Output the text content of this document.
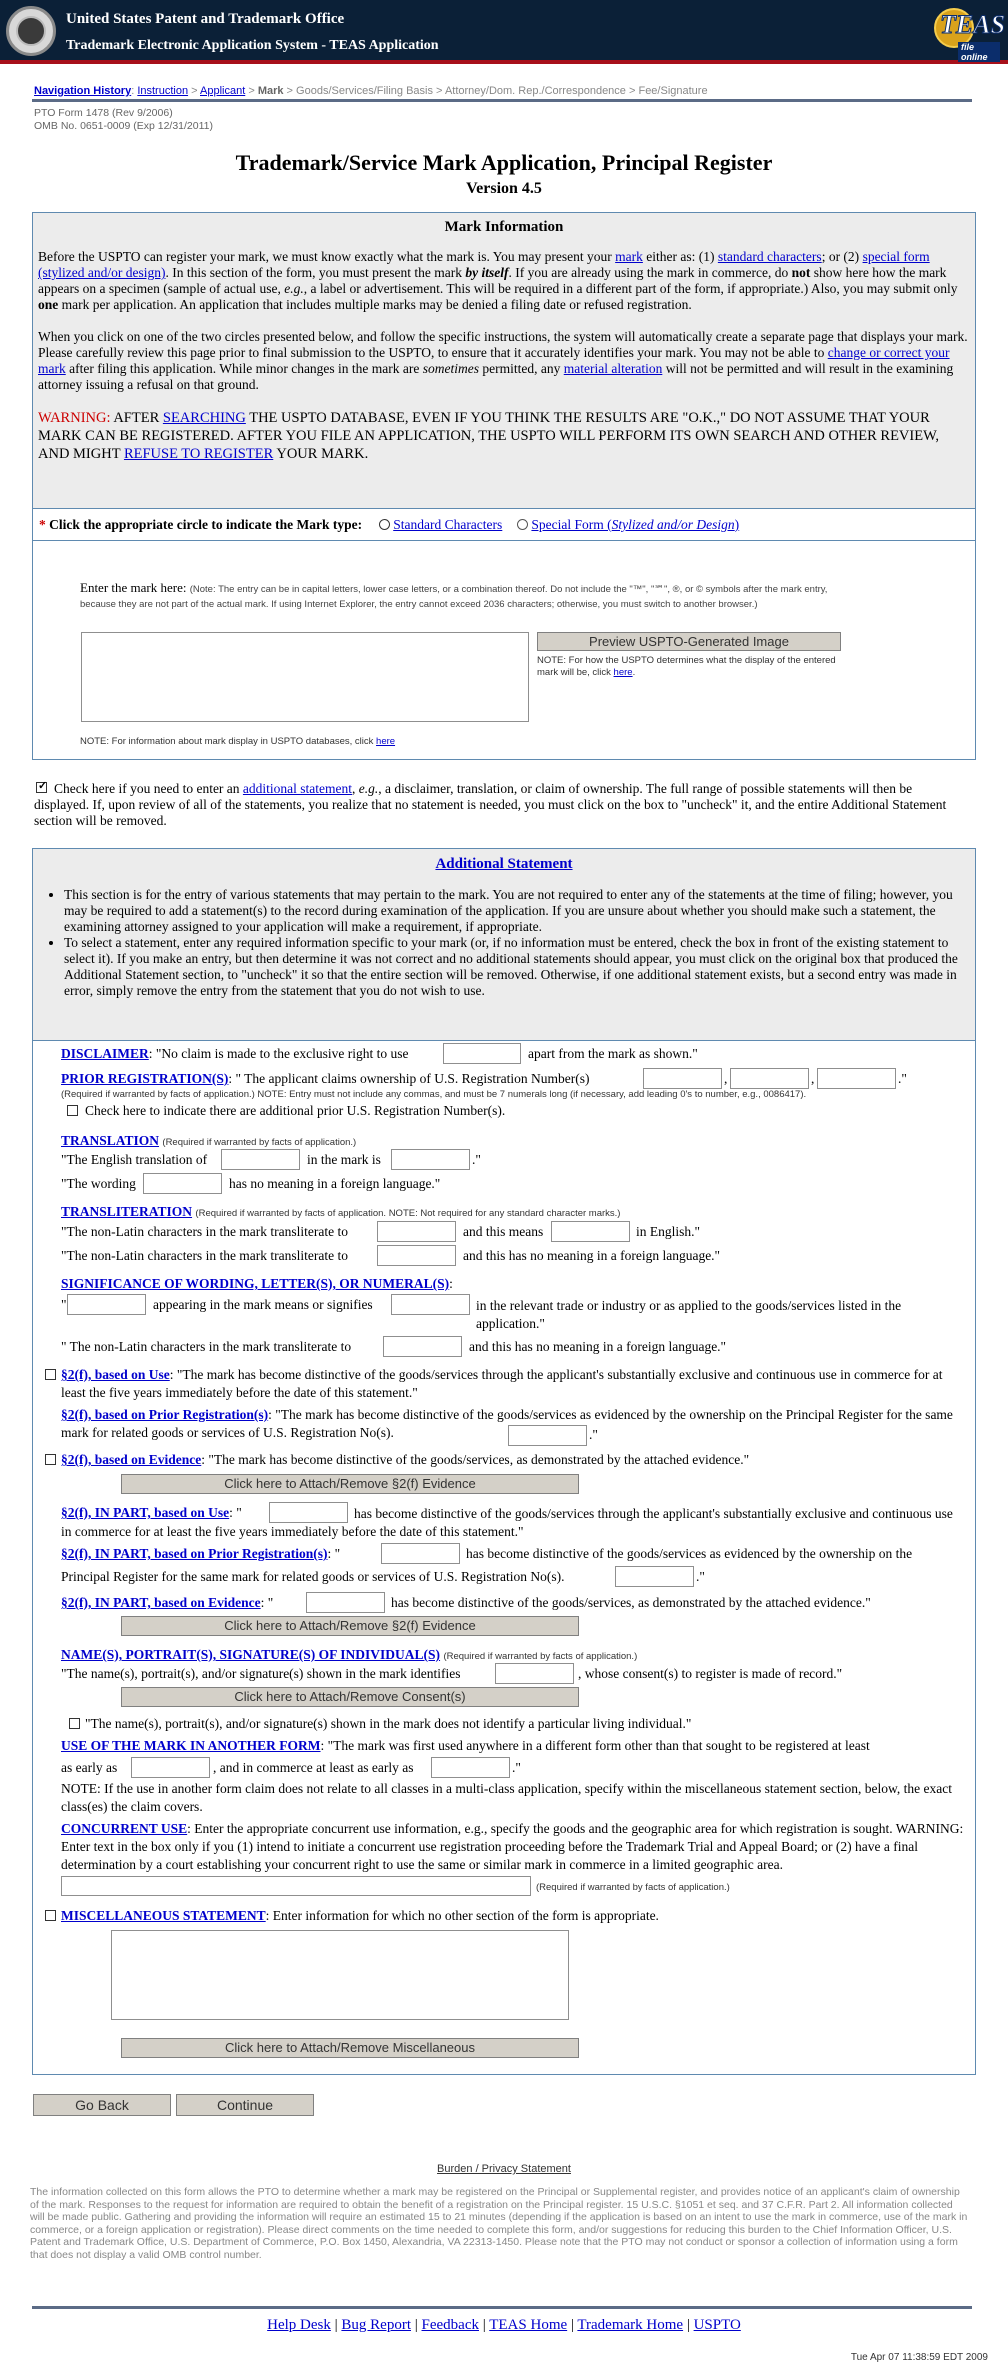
United States Patent and Trademark Office
Trademark Electronic Application System - TEAS Application
TEAS
file online
Navigation History: Instruction > Applicant > Mark > Goods/Services/Filing Basis > Attorney/Dom. Rep./Correspondence > Fee/Signature
PTO Form 1478 (Rev 9/2006)
OMB No. 0651-0009 (Exp 12/31/2011)
Trademark/Service Mark Application, Principal Register
Version 4.5
Mark Information

Before the USPTO can register your mark, we must know exactly what the mark is. You may present your mark either as: (1) standard characters; or (2) special form (stylized and/or design). In this section of the form, you must present the mark by itself. If you are already using the mark in commerce, do not show here how the mark appears on a specimen (sample of actual use, e.g., a label or advertisement. This will be required in a different part of the form, if appropriate.) Also, you may submit only one mark per application. An application that includes multiple marks may be denied a filing date or refused registration.

When you click on one of the two circles presented below, and follow the specific instructions, the system will automatically create a separate page that displays your mark. Please carefully review this page prior to final submission to the USPTO, to ensure that it accurately identifies your mark. You may not be able to change or correct your mark after filing this application. While minor changes in the mark are sometimes permitted, any material alteration will not be permitted and will result in the examining attorney issuing a refusal on that ground.

WARNING: AFTER SEARCHING THE USPTO DATABASE, EVEN IF YOU THINK THE RESULTS ARE "O.K.," DO NOT ASSUME THAT YOUR MARK CAN BE REGISTERED. AFTER YOU FILE AN APPLICATION, THE USPTO WILL PERFORM ITS OWN SEARCH AND OTHER REVIEW, AND MIGHT REFUSE TO REGISTER YOUR MARK.

* Click the appropriate circle to indicate the Mark type: Standard Characters Special Form (Stylized and/or Design)
Enter the mark here: (Note: The entry can be in capital letters, lower case letters, or a combination thereof. Do not include the "™", "℠", ®, or © symbols after the mark entry, because they are not part of the actual mark. If using Internet Explorer, the entry cannot exceed 2036 characters; otherwise, you must switch to another browser.)
Preview USPTO-Generated Image
NOTE: For how the USPTO determines what the display of the entered mark will be, click here.
NOTE: For information about mark display in USPTO databases, click here
✓ Check here if you need to enter an additional statement, e.g., a disclaimer, translation, or claim of ownership. The full range of possible statements will then be displayed. If, upon review of all of the statements, you realize that no statement is needed, you must click on the box to "uncheck" it, and the entire Additional Statement section will be removed.
Additional Statement
• This section is for the entry of various statements that may pertain to the mark. You are not required to enter any of the statements at the time of filing; however, you may be required to add a statement(s) to the record during examination of the application. If you are unsure about whether you should make such a statement, the examining attorney assigned to your application will make a requirement, if appropriate.
• To select a statement, enter any required information specific to your mark (or, if no information must be entered, check the box in front of the existing statement to select it). If you make an entry, but then determine it was not correct and no additional statements should appear, you must click on the original box that produced the Additional Statement section, to "uncheck" it so that the entire section will be removed. Otherwise, if one additional statement exists, but a second entry was made in error, simply remove the entry from the statement that you do not wish to use.
DISCLAIMER: "No claim is made to the exclusive right to use	apart from the mark as shown."
PRIOR REGISTRATION(S): " The applicant claims ownership of U.S. Registration Number(s)	,	,	."
(Required if warranted by facts of application.) NOTE: Entry must not include any commas, and must be 7 numerals long (if necessary, add leading 0's to number, e.g., 0086417).
Check here to indicate there are additional prior U.S. Registration Number(s).
TRANSLATION (Required if warranted by facts of application.)
"The English translation of	in the mark is	."
"The wording	has no meaning in a foreign language."
TRANSLITERATION (Required if warranted by facts of application. NOTE: Not required for any standard character marks.)
"The non-Latin characters in the mark transliterate to	and this means	in English."
"The non-Latin characters in the mark transliterate to	and this has no meaning in a foreign language."
SIGNIFICANCE OF WORDING, LETTER(S), OR NUMERAL(S):
"	appearing in the mark means or signifies	in the relevant trade or industry or as applied to the goods/services listed in the application."
" The non-Latin characters in the mark transliterate to	and this has no meaning in a foreign language."
§2(f), based on Use: "The mark has become distinctive of the goods/services through the applicant's substantially exclusive and continuous use in commerce for at least the five years immediately before the date of this statement."
§2(f), based on Prior Registration(s): "The mark has become distinctive of the goods/services as evidenced by the ownership on the Principal Register for the same mark for related goods or services of U.S. Registration No(s).	."
§2(f), based on Evidence: "The mark has become distinctive of the goods/services, as demonstrated by the attached evidence."
Click here to Attach/Remove §2(f) Evidence
§2(f), IN PART, based on Use: "	has become distinctive of the goods/services through the applicant's substantially exclusive and continuous use in commerce for at least the five years immediately before the date of this statement."
§2(f), IN PART, based on Prior Registration(s): "	has become distinctive of the goods/services as evidenced by the ownership on the
Principal Register for the same mark for related goods or services of U.S. Registration No(s).	."
§2(f), IN PART, based on Evidence: "	has become distinctive of the goods/services, as demonstrated by the attached evidence."
Click here to Attach/Remove §2(f) Evidence
NAME(S), PORTRAIT(S), SIGNATURE(S) OF INDIVIDUAL(S) (Required if warranted by facts of application.)
"The name(s), portrait(s), and/or signature(s) shown in the mark identifies	, whose consent(s) to register is made of record."
Click here to Attach/Remove Consent(s)
"The name(s), portrait(s), and/or signature(s) shown in the mark does not identify a particular living individual."
USE OF THE MARK IN ANOTHER FORM: "The mark was first used anywhere in a different form other than that sought to be registered at least
as early as	, and in commerce at least as early as	."
NOTE: If the use in another form claim does not relate to all classes in a multi-class application, specify within the miscellaneous statement section, below, the exact class(es) the claim covers.
CONCURRENT USE: Enter the appropriate concurrent use information, e.g., specify the goods and the geographic area for which registration is sought. WARNING: Enter text in the box only if you (1) intend to initiate a concurrent use registration proceeding before the Trademark Trial and Appeal Board; or (2) have a final determination by a court establishing your concurrent right to use the same or similar mark in commerce in a limited geographic area.
(Required if warranted by facts of application.)
MISCELLANEOUS STATEMENT: Enter information for which no other section of the form is appropriate.
Click here to Attach/Remove Miscellaneous
Go Back	Continue
Burden / Privacy Statement
The information collected on this form allows the PTO to determine whether a mark may be registered on the Principal or Supplemental register, and provides notice of an applicant's claim of ownership of the mark. Responses to the request for information are required to obtain the benefit of a registration on the Principal register. 15 U.S.C. §1051 et seq. and 37 C.F.R. Part 2. All information collected will be made public. Gathering and providing the information will require an estimated 15 to 21 minutes (depending if the application is based on an intent to use the mark in commerce, use of the mark in commerce, or a foreign application or registration). Please direct comments on the time needed to complete this form, and/or suggestions for reducing this burden to the Chief Information Officer, U.S. Patent and Trademark Office, U.S. Department of Commerce, P.O. Box 1450, Alexandria, VA 22313-1450. Please note that the PTO may not conduct or sponsor a collection of information using a form that does not display a valid OMB control number.
Help Desk | Bug Report | Feedback | TEAS Home | Trademark Home | USPTO
Tue Apr 07 11:38:59 EDT 2009
